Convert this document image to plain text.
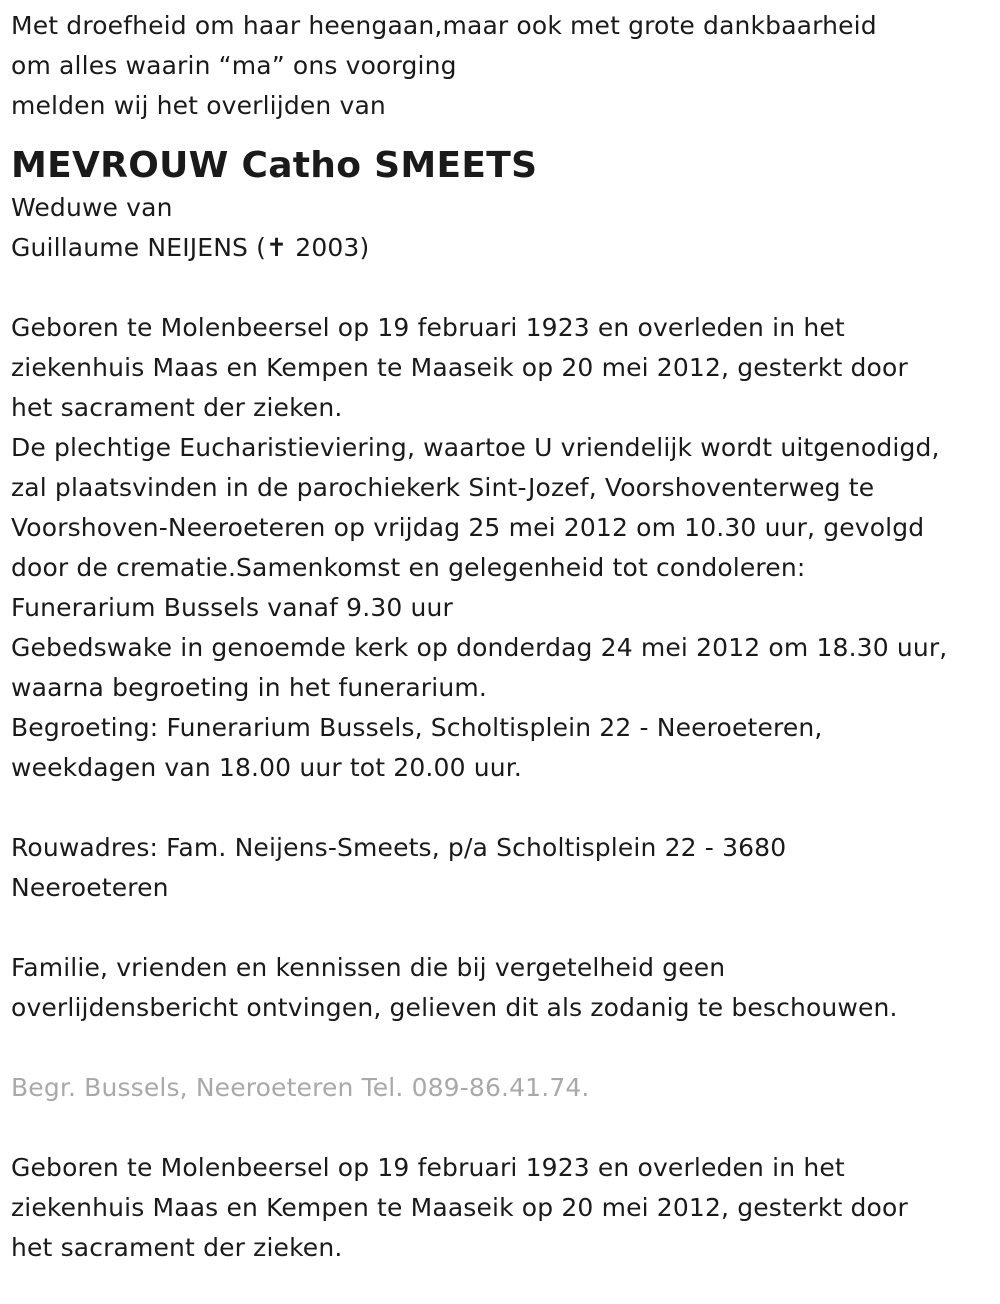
Met droefheid om haar heengaan,maar ook met grote dankbaarheid
om alles waarin “ma” ons voorging
melden wij het overlijden van
MEVROUW Catho SMEETS
Weduwe van
Guillaume NEIJENS (✝ 2003)
Geboren te Molenbeersel op 19 februari 1923 en overleden in het
ziekenhuis Maas en Kempen te Maaseik op 20 mei 2012, gesterkt door
het sacrament der zieken.
De plechtige Eucharistieviering, waartoe U vriendelijk wordt uitgenodigd,
zal plaatsvinden in de parochiekerk Sint-Jozef, Voorshoventerweg te
Voorshoven-Neeroeteren op vrijdag 25 mei 2012 om 10.30 uur, gevolgd
door de crematie.Samenkomst en gelegenheid tot condoleren:
Funerarium Bussels vanaf 9.30 uur
Gebedswake in genoemde kerk op donderdag 24 mei 2012 om 18.30 uur,
waarna begroeting in het funerarium.
Begroeting: Funerarium Bussels, Scholtisplein 22 - Neeroeteren,
weekdagen van 18.00 uur tot 20.00 uur.
Rouwadres: Fam. Neijens-Smeets, p/a Scholtisplein 22 - 3680
Neeroeteren
Familie, vrienden en kennissen die bij vergetelheid geen
overlijdensbericht ontvingen, gelieven dit als zodanig te beschouwen.
Begr. Bussels, Neeroeteren Tel. 089-86.41.74.
Geboren te Molenbeersel op 19 februari 1923 en overleden in het
ziekenhuis Maas en Kempen te Maaseik op 20 mei 2012, gesterkt door
het sacrament der zieken.
